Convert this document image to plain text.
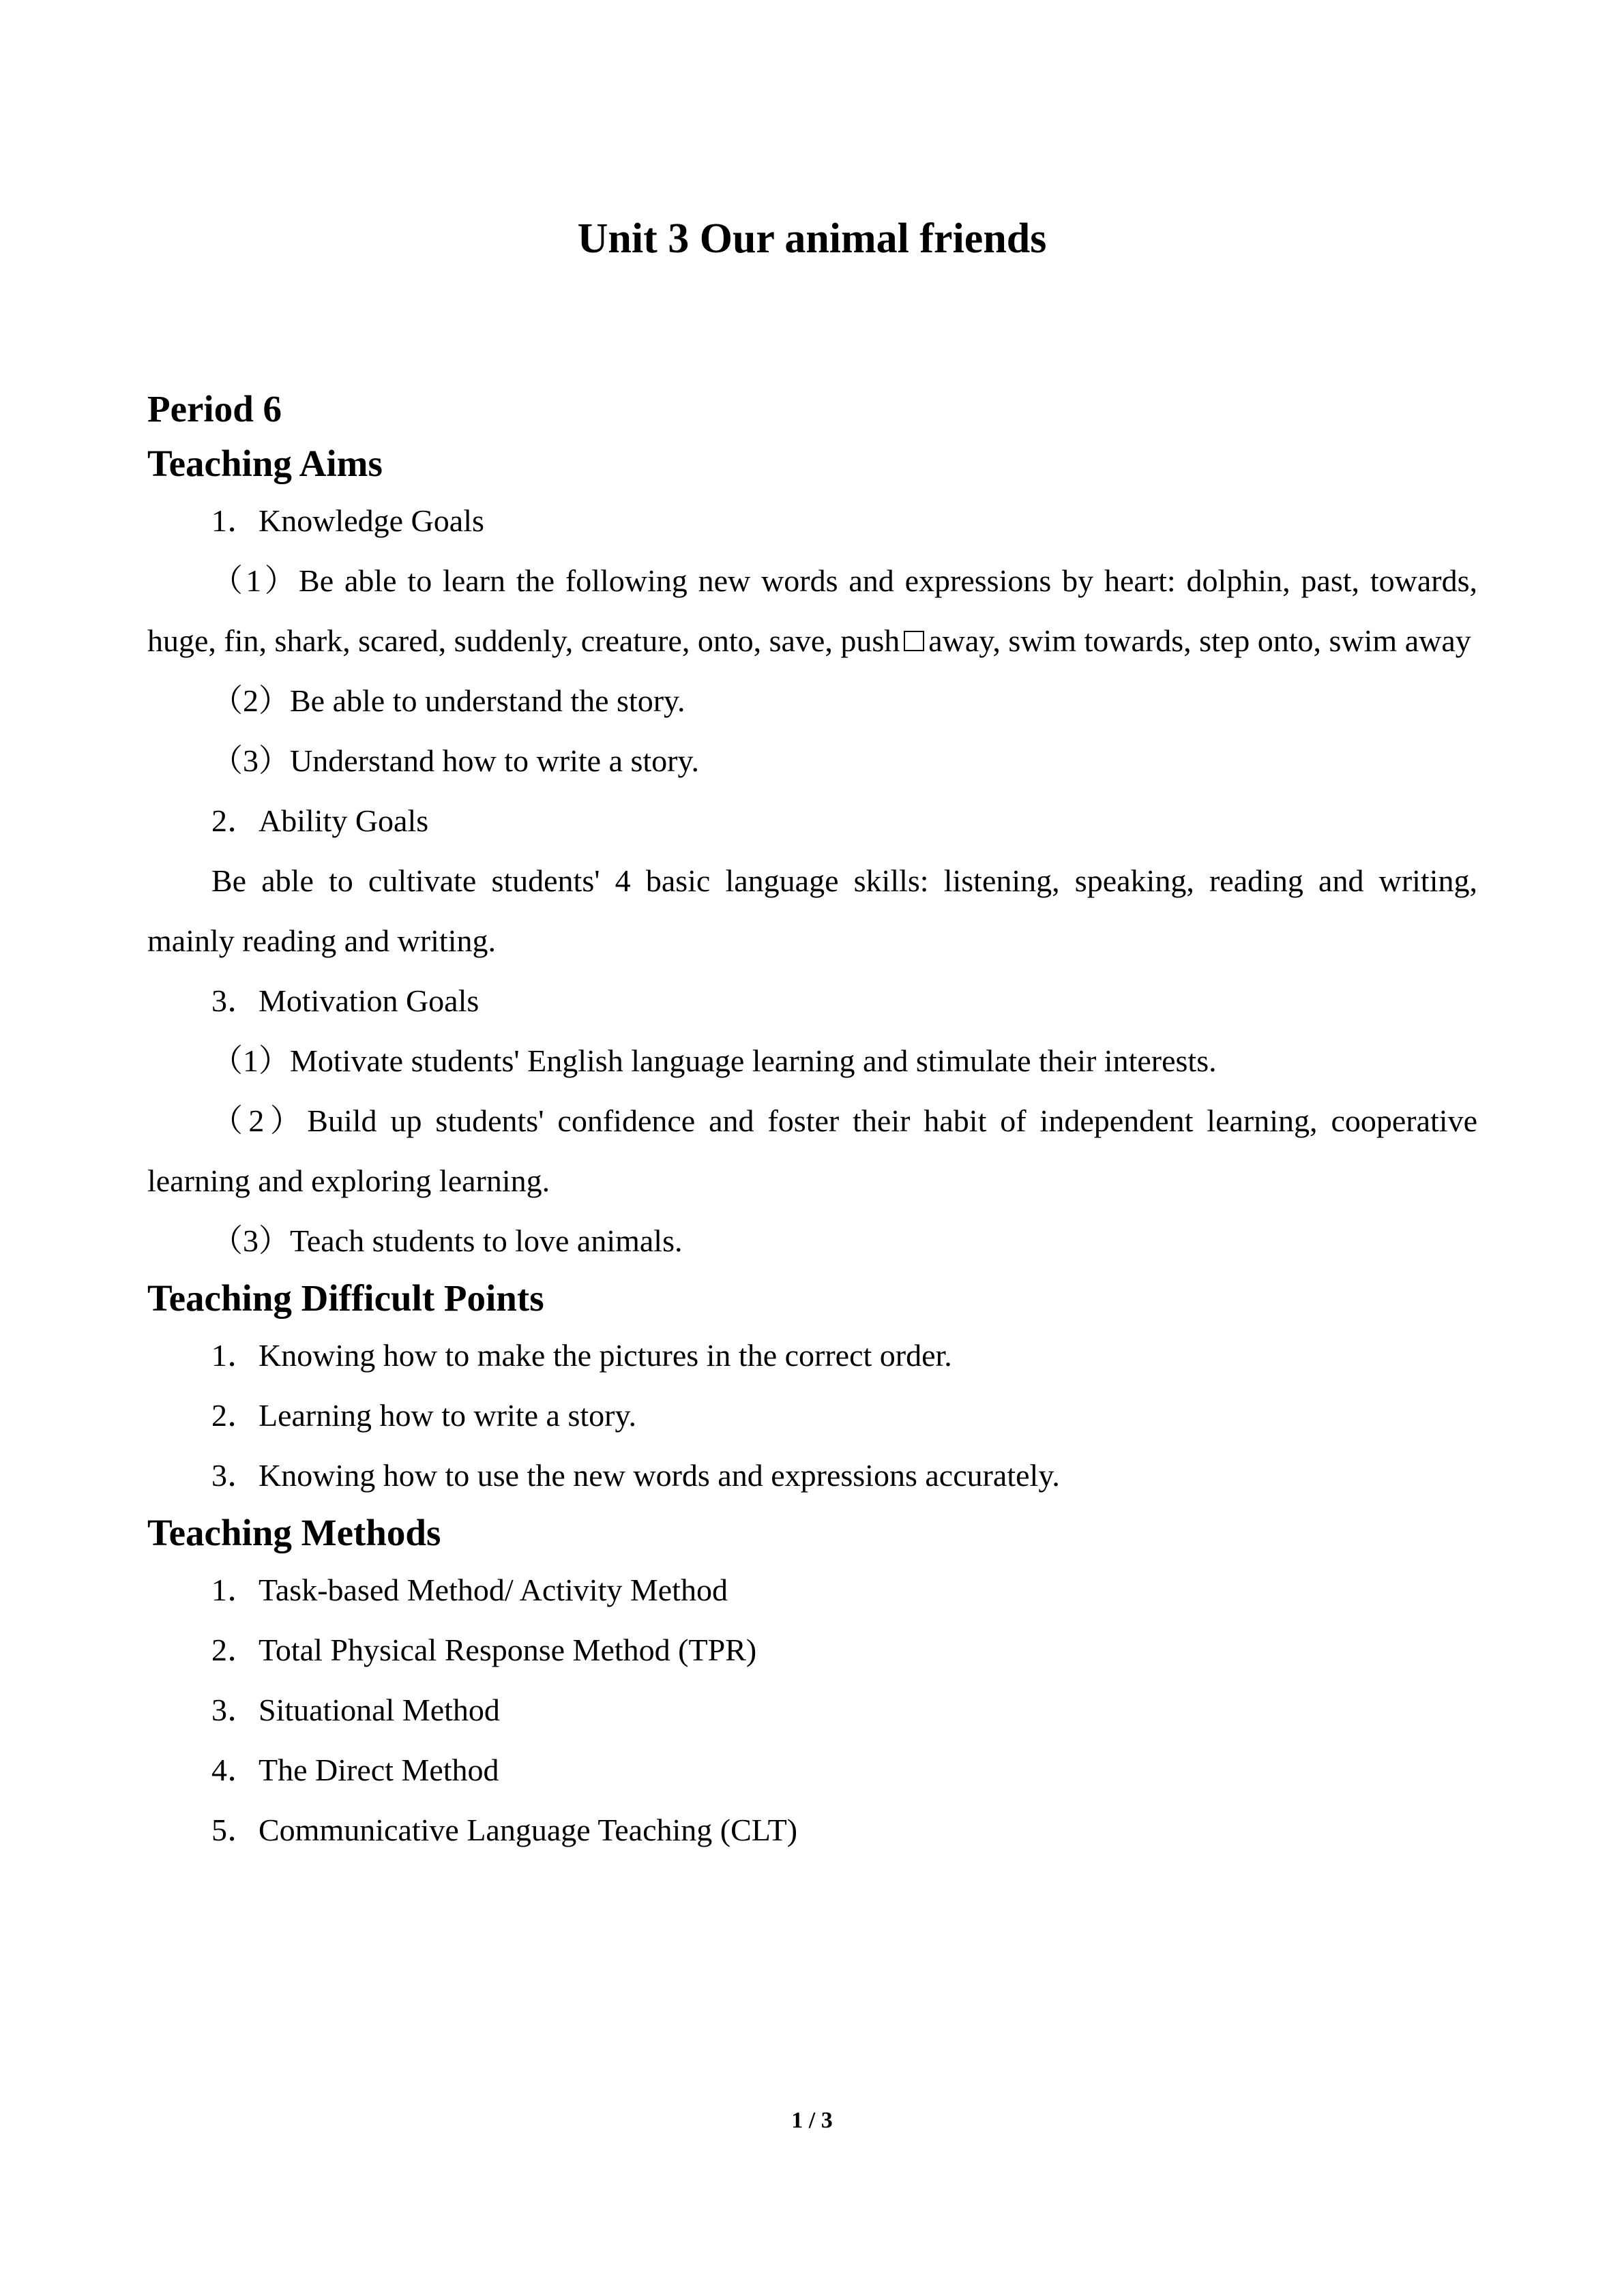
Unit 3 Our animal friends
Period 6
Teaching Aims

1．Knowledge Goals

（1）Be able to learn the following new words and expressions by heart: dolphin, past, towards, huge, fin, shark, scared, suddenly, creature, onto, save, push away, swim towards, step onto, swim away

（2）Be able to understand the story.

（3）Understand how to write a story.

2．Ability Goals

Be able to cultivate students' 4 basic language skills: listening, speaking, reading and writing, mainly reading and writing.

3．Motivation Goals

（1）Motivate students' English language learning and stimulate their interests.

（2）Build up students' confidence and foster their habit of independent learning, cooperative learning and exploring learning.

（3）Teach students to love animals.

Teaching Difficult Points

1．Knowing how to make the pictures in the correct order.

2．Learning how to write a story.

3．Knowing how to use the new words and expressions accurately.

Teaching Methods

1．Task-based Method/ Activity Method

2．Total Physical Response Method (TPR)

3．Situational Method

4．The Direct Method

5．Communicative Language Teaching (CLT)

1 / 3
